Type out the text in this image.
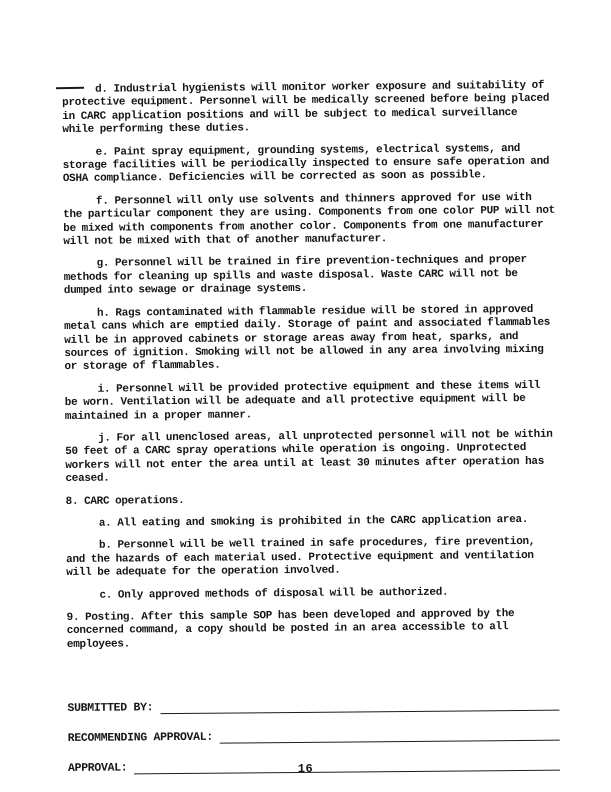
d. Industrial hygienists will monitor worker exposure and suitability of protective equipment. Personnel will be medically screened before being placed in CARC application positions and will be subject to medical surveillance while performing these duties.

e. Paint spray equipment, grounding systems, electrical systems, and storage facilities will be periodically inspected to ensure safe operation and OSHA compliance. Deficiencies will be corrected as soon as possible.

f. Personnel will only use solvents and thinners approved for use with the particular component they are using. Components from one color PUP will not be mixed with components from another color. Components from one manufacturer will not be mixed with that of another manufacturer.

g. Personnel will be trained in fire prevention-techniques and proper methods for cleaning up spills and waste disposal. Waste CARC will not be dumped into sewage or drainage systems.

h. Rags contaminated with flammable residue will be stored in approved metal cans which are emptied daily. Storage of paint and associated flammables will be in approved cabinets or storage areas away from heat, sparks, and sources of ignition. Smoking will not be allowed in any area involving mixing or storage of flammables.

i. Personnel will be provided protective equipment and these items will be worn. Ventilation will be adequate and all protective equipment will be maintained in a proper manner.

j. For all unenclosed areas, all unprotected personnel will not be within 50 feet of a CARC spray operations while operation is ongoing. Unprotected workers will not enter the area until at least 30 minutes after operation has ceased.

8. CARC operations.

a. All eating and smoking is prohibited in the CARC application area.

b. Personnel will be well trained in safe procedures, fire prevention, and the hazards of each material used. Protective equipment and ventilation will be adequate for the operation involved.

c. Only approved methods of disposal will be authorized.

9. Posting. After this sample SOP has been developed and approved by the concerned command, a copy should be posted in an area accessible to all employees.

SUBMITTED BY:
RECOMMENDING APPROVAL:
APPROVAL:	16
